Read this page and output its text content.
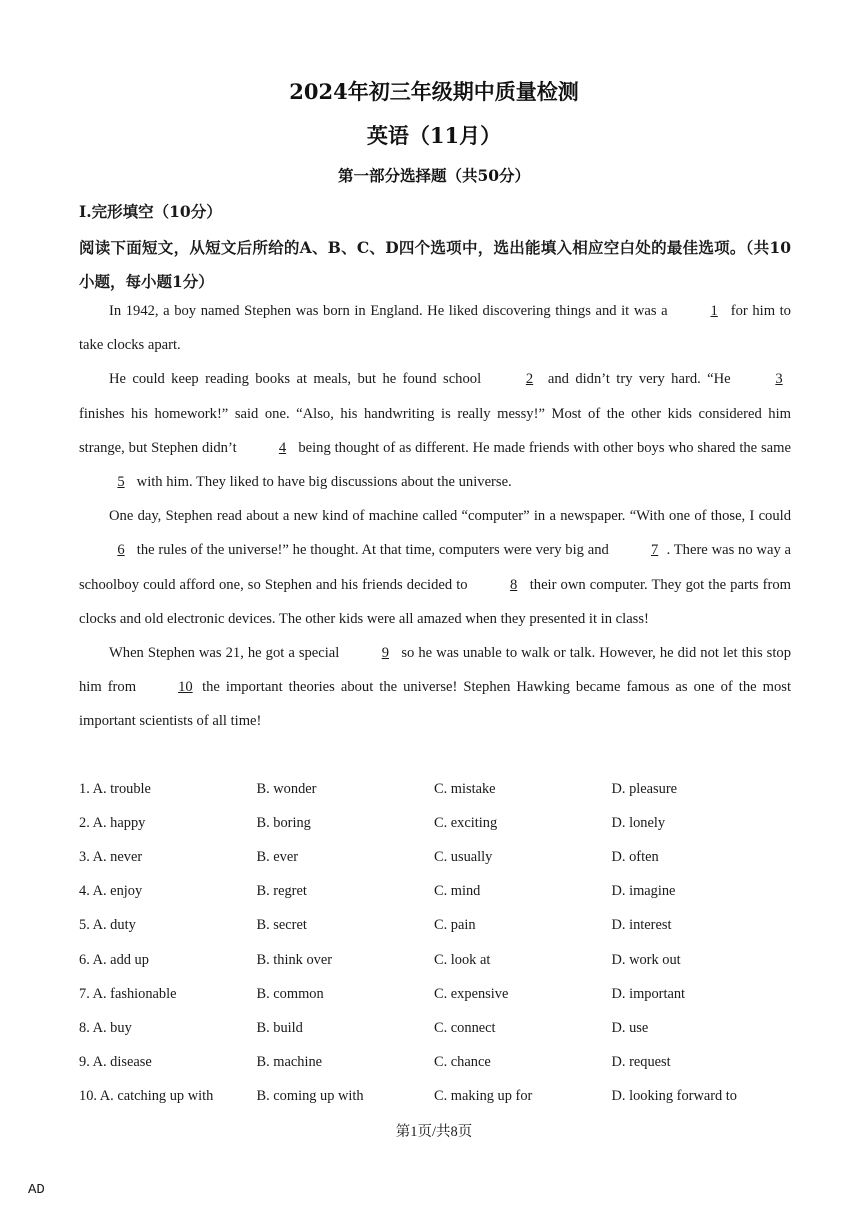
2024年初三年级期中质量检测
英语（11月）
第一部分选择题（共50分）
I.完形填空（10分）
阅读下面短文，从短文后所给的A、B、C、D四个选项中，选出能填入相应空白处的最佳选项。（共10小题，每小题1分）

In 1942, a boy named Stephen was born in England. He liked discovering things and it was a	1 for him to take clocks apart.

He could keep reading books at meals, but he found school	2 and didn’t try very hard. “He	3 finishes his homework!” said one. “Also, his handwriting is really messy!” Most of the other kids considered him strange, but Stephen didn’t	4 being thought of as different. He made friends with other boys who shared the same 5 with him. They liked to have big discussions about the universe.

One day, Stephen read about a new kind of machine called “computer” in a newspaper. “With one of those, I could 6 the rules of the universe!” he thought. At that time, computers were very big and	7 . There was no way a schoolboy could afford one, so Stephen and his friends decided to	8 their own computer. They got the parts from clocks and old electronic devices. The other kids were all amazed when they presented it in class!

When Stephen was 21, he got a special	9 so he was unable to walk or talk. However, he did not let this stop him from 10 the important theories about the universe! Stephen Hawking became famous as one of the most important scientists of all time!

1. A. trouble	B. wonder	C. mistake	D. pleasure
2. A. happy	B. boring	C. exciting	D. lonely
3. A. never	B. ever	C. usually	D. often
4. A. enjoy	B. regret	C. mind	D. imagine
5. A. duty	B. secret	C. pain	D. interest
6. A. add up	B. think over	C. look at	D. work out
7. A. fashionable	B. common	C. expensive	D. important
8. A. buy	B. build	C. connect	D. use
9. A. disease	B. machine	C. chance	D. request
10. A. catching up with	B. coming up with	C. making up for	D. looking forward to
第1页/共8页
AD
